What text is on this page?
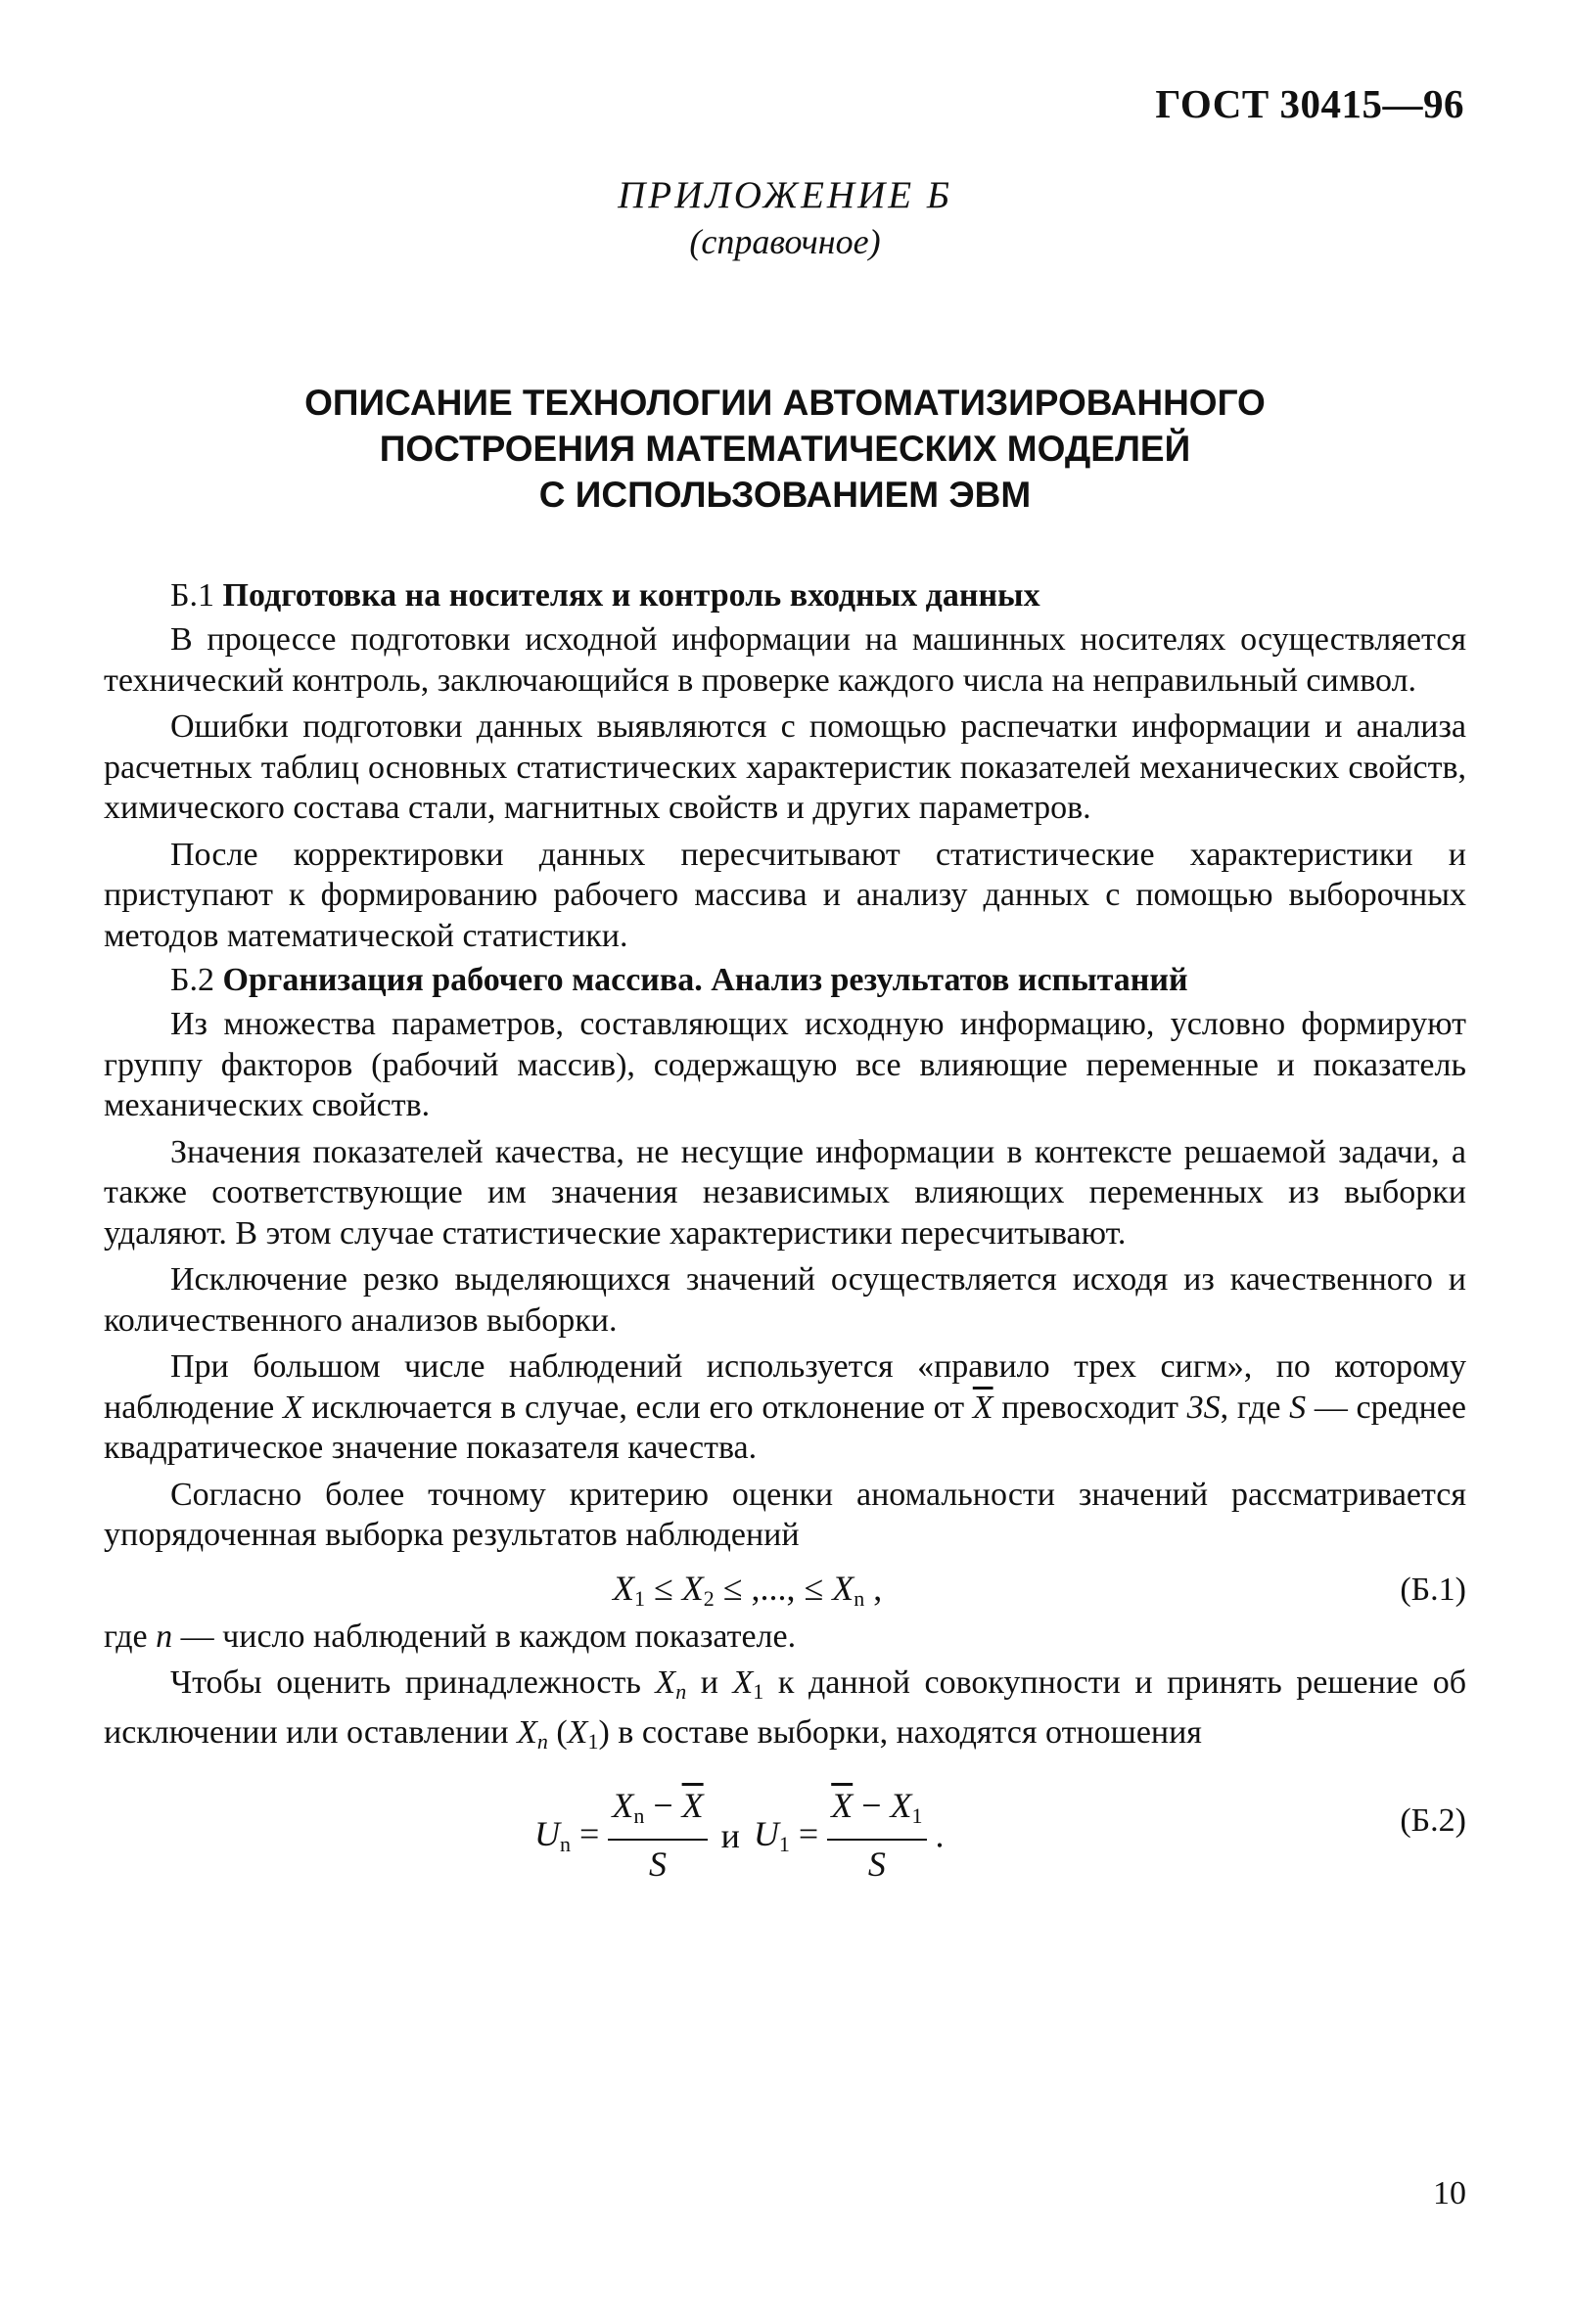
ГОСТ 30415—96
ПРИЛОЖЕНИЕ Б
(справочное)
ОПИСАНИЕ ТЕХНОЛОГИИ АВТОМАТИЗИРОВАННОГО
ПОСТРОЕНИЯ МАТЕМАТИЧЕСКИХ МОДЕЛЕЙ
С ИСПОЛЬЗОВАНИЕМ ЭВМ
Б.1 Подготовка на носителях и контроль входных данных

В процессе подготовки исходной информации на машинных носителях осуществляется технический контроль, заключающийся в проверке каждого числа на неправильный символ.

Ошибки подготовки данных выявляются с помощью распечатки информации и анализа расчетных таблиц основных статистических характеристик показателей механических свойств, химического состава стали, магнитных свойств и других параметров.

После корректировки данных пересчитывают статистические характеристики и приступают к формированию рабочего массива и анализу данных с помощью выборочных методов математической статистики.

Б.2 Организация рабочего массива. Анализ результатов испытаний

Из множества параметров, составляющих исходную информацию, условно формируют группу факторов (рабочий массив), содержащую все влияющие переменные и показатель механических свойств.

Значения показателей качества, не несущие информации в контексте решаемой задачи, а также соответствующие им значения независимых влияющих переменных из выборки удаляют. В этом случае статистические характеристики пересчитывают.

Исключение резко выделяющихся значений осуществляется исходя из качественного и количественного анализов выборки.

При большом числе наблюдений используется «правило трех сигм», по которому наблюдение X исключается в случае, если его отклонение от $\overline{X}$ превосходит 3S, где S — среднее квадратическое значение показателя качества.

Согласно более точному критерию оценки аномальности значений рассматривается упорядоченная выборка результатов наблюдений

$X_1 \le X_2$ ≤ ,..., ≤ $X_n$ ,	(Б.1)

где n — число наблюдений в каждом показателе.

Чтобы оценить принадлежность Xn и X1 к данной совокупности и принять решение об исключении или оставлении Xn (X1) в составе выборки, находятся отношения

$U_n = \frac{X_n - \overline{X}}{S}$ и $U_1 = \frac{\overline{X} - X_1}{S}$ .	(Б.2)
10
